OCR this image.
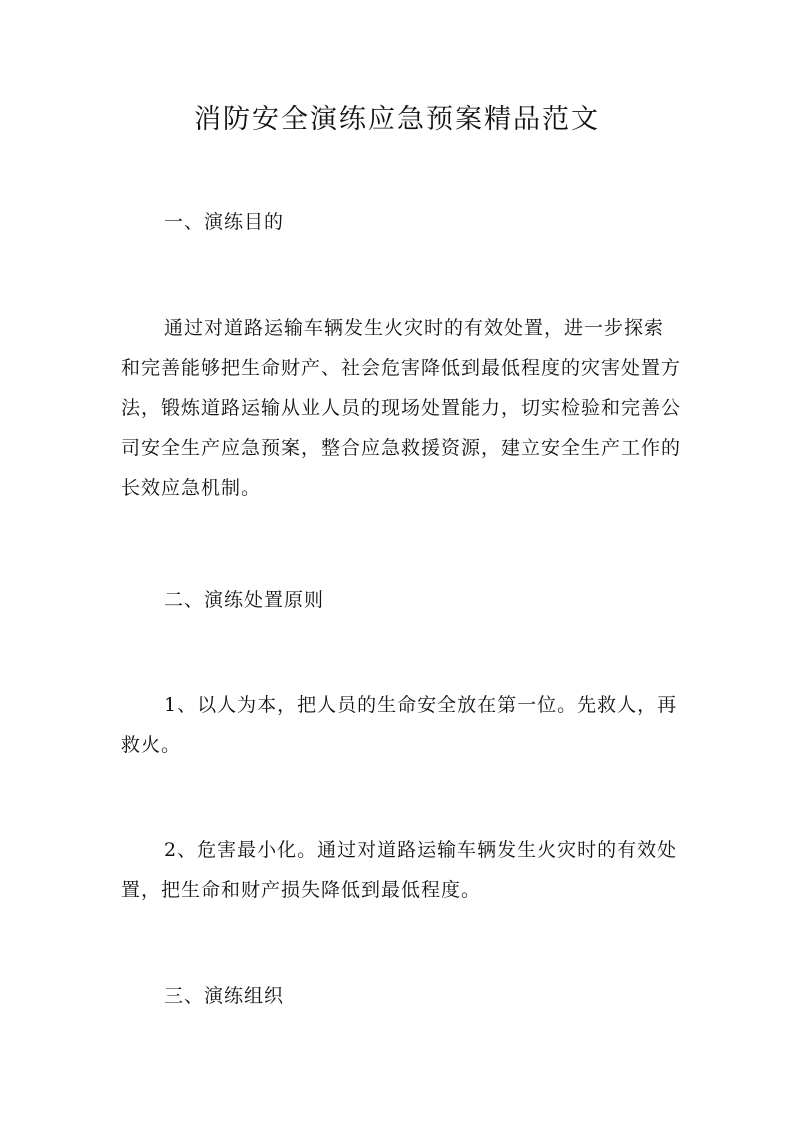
消防安全演练应急预案精品范文
一、演练目的

通过对道路运输车辆发生火灾时的有效处置，进一步探索和完善能够把生命财产、社会危害降低到最低程度的灾害处置方法，锻炼道路运输从业人员的现场处置能力，切实检验和完善公司安全生产应急预案，整合应急救援资源，建立安全生产工作的长效应急机制。

二、演练处置原则

1、以人为本，把人员的生命安全放在第一位。先救人，再救火。

2、危害最小化。通过对道路运输车辆发生火灾时的有效处置，把生命和财产损失降低到最低程度。

三、演练组织
